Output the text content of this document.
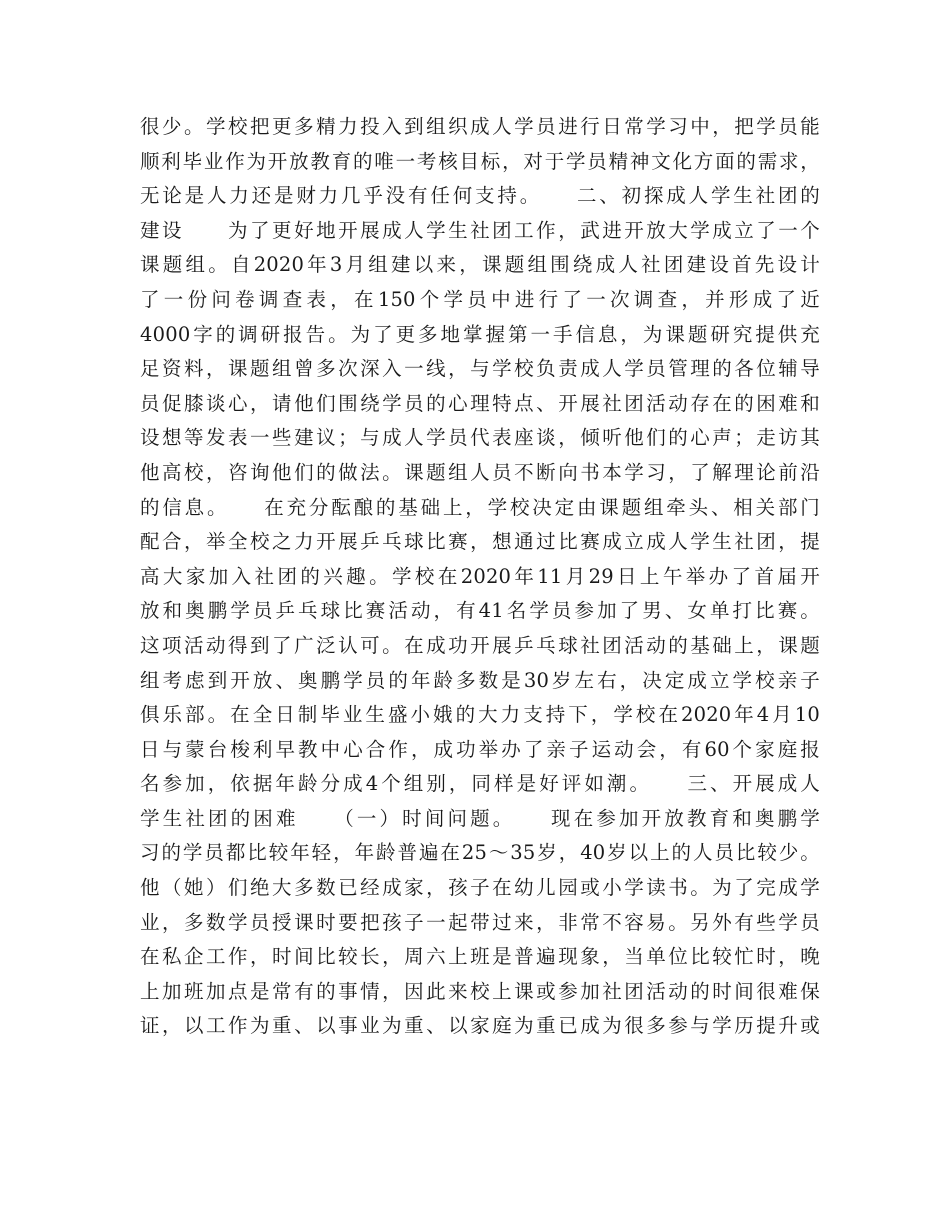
很少。学校把更多精力投入到组织成人学员进行日常学习中，把学员能
顺利毕业作为开放教育的唯一考核目标，对于学员精神文化方面的需求，
无论是人力还是财力几乎没有任何支持。　　二、初探成人学生社团的
建设　　为了更好地开展成人学生社团工作，武进开放大学成立了一个
课题组。自2020年3月组建以来，课题组围绕成人社团建设首先设计
了一份问卷调查表，在150个学员中进行了一次调查，并形成了近
4000字的调研报告。为了更多地掌握第一手信息，为课题研究提供充
足资料，课题组曾多次深入一线，与学校负责成人学员管理的各位辅导
员促膝谈心，请他们围绕学员的心理特点、开展社团活动存在的困难和
设想等发表一些建议；与成人学员代表座谈，倾听他们的心声；走访其
他高校，咨询他们的做法。课题组人员不断向书本学习，了解理论前沿
的信息。　　在充分酝酿的基础上，学校决定由课题组牵头、相关部门
配合，举全校之力开展乒乓球比赛，想通过比赛成立成人学生社团，提
高大家加入社团的兴趣。学校在2020年11月29日上午举办了首届开
放和奥鹏学员乒乓球比赛活动，有41名学员参加了男、女单打比赛。
这项活动得到了广泛认可。在成功开展乒乓球社团活动的基础上，课题
组考虑到开放、奥鹏学员的年龄多数是30岁左右，决定成立学校亲子
俱乐部。在全日制毕业生盛小娥的大力支持下，学校在2020年4月10
日与蒙台梭利早教中心合作，成功举办了亲子运动会，有60个家庭报
名参加，依据年龄分成4个组别，同样是好评如潮。　　三、开展成人
学生社团的困难　　（一）时间问题。　　现在参加开放教育和奥鹏学
习的学员都比较年轻，年龄普遍在25～35岁，40岁以上的人员比较少。
他（她）们绝大多数已经成家，孩子在幼儿园或小学读书。为了完成学
业，多数学员授课时要把孩子一起带过来，非常不容易。另外有些学员
在私企工作，时间比较长，周六上班是普遍现象，当单位比较忙时，晚
上加班加点是常有的事情，因此来校上课或参加社团活动的时间很难保
证，以工作为重、以事业为重、以家庭为重已成为很多参与学历提升或
